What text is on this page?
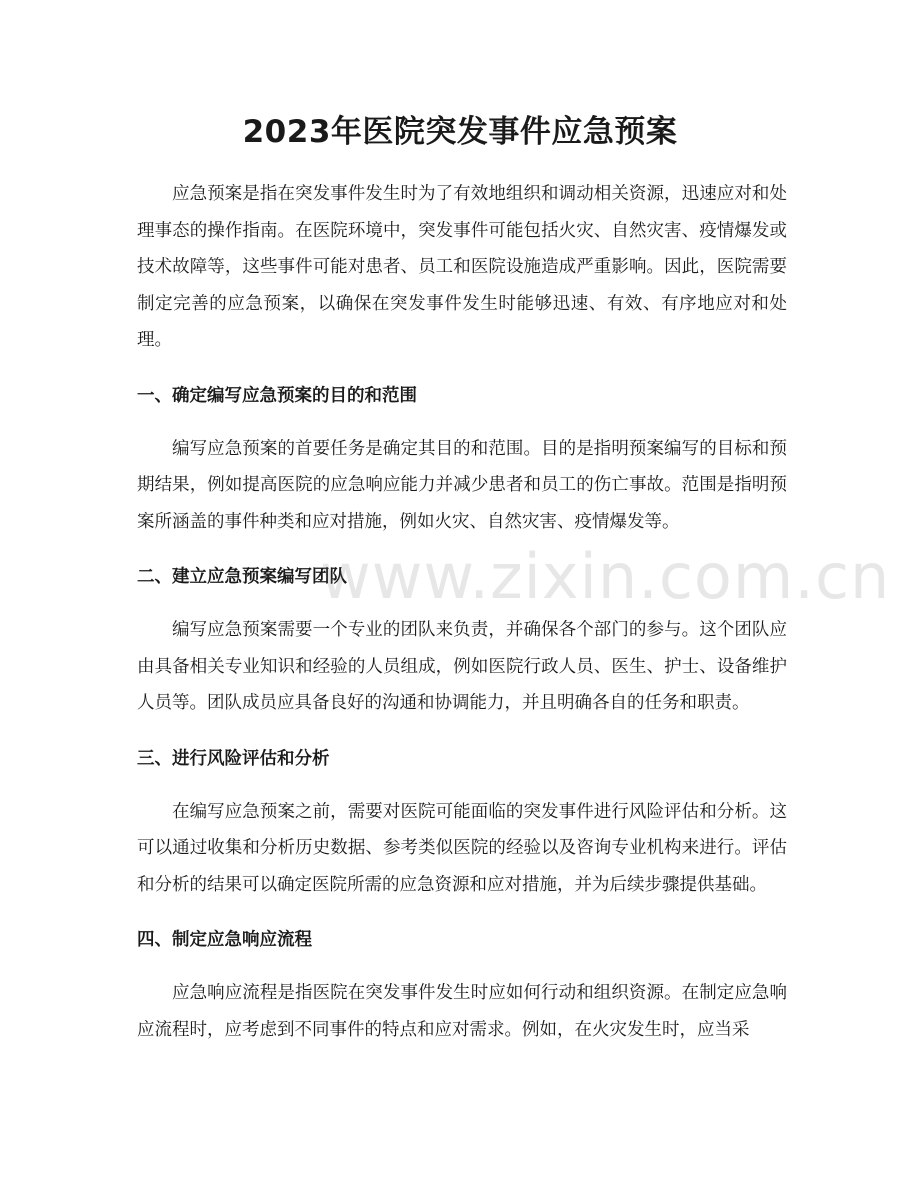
2023年医院突发事件应急预案

应急预案是指在突发事件发生时为了有效地组织和调动相关资源，迅速应对和处理事态的操作指南。在医院环境中，突发事件可能包括火灾、自然灾害、疫情爆发或技术故障等，这些事件可能对患者、员工和医院设施造成严重影响。因此，医院需要制定完善的应急预案，以确保在突发事件发生时能够迅速、有效、有序地应对和处理。

一、确定编写应急预案的目的和范围

编写应急预案的首要任务是确定其目的和范围。目的是指明预案编写的目标和预期结果，例如提高医院的应急响应能力并减少患者和员工的伤亡事故。范围是指明预案所涵盖的事件种类和应对措施，例如火灾、自然灾害、疫情爆发等。

二、建立应急预案编写团队

编写应急预案需要一个专业的团队来负责，并确保各个部门的参与。这个团队应由具备相关专业知识和经验的人员组成，例如医院行政人员、医生、护士、设备维护人员等。团队成员应具备良好的沟通和协调能力，并且明确各自的任务和职责。

三、进行风险评估和分析

在编写应急预案之前，需要对医院可能面临的突发事件进行风险评估和分析。这可以通过收集和分析历史数据、参考类似医院的经验以及咨询专业机构来进行。评估和分析的结果可以确定医院所需的应急资源和应对措施，并为后续步骤提供基础。

四、制定应急响应流程

应急响应流程是指医院在突发事件发生时应如何行动和组织资源。在制定应急响应流程时，应考虑到不同事件的特点和应对需求。例如，在火灾发生时，应当采

www.zixin.com.cn
